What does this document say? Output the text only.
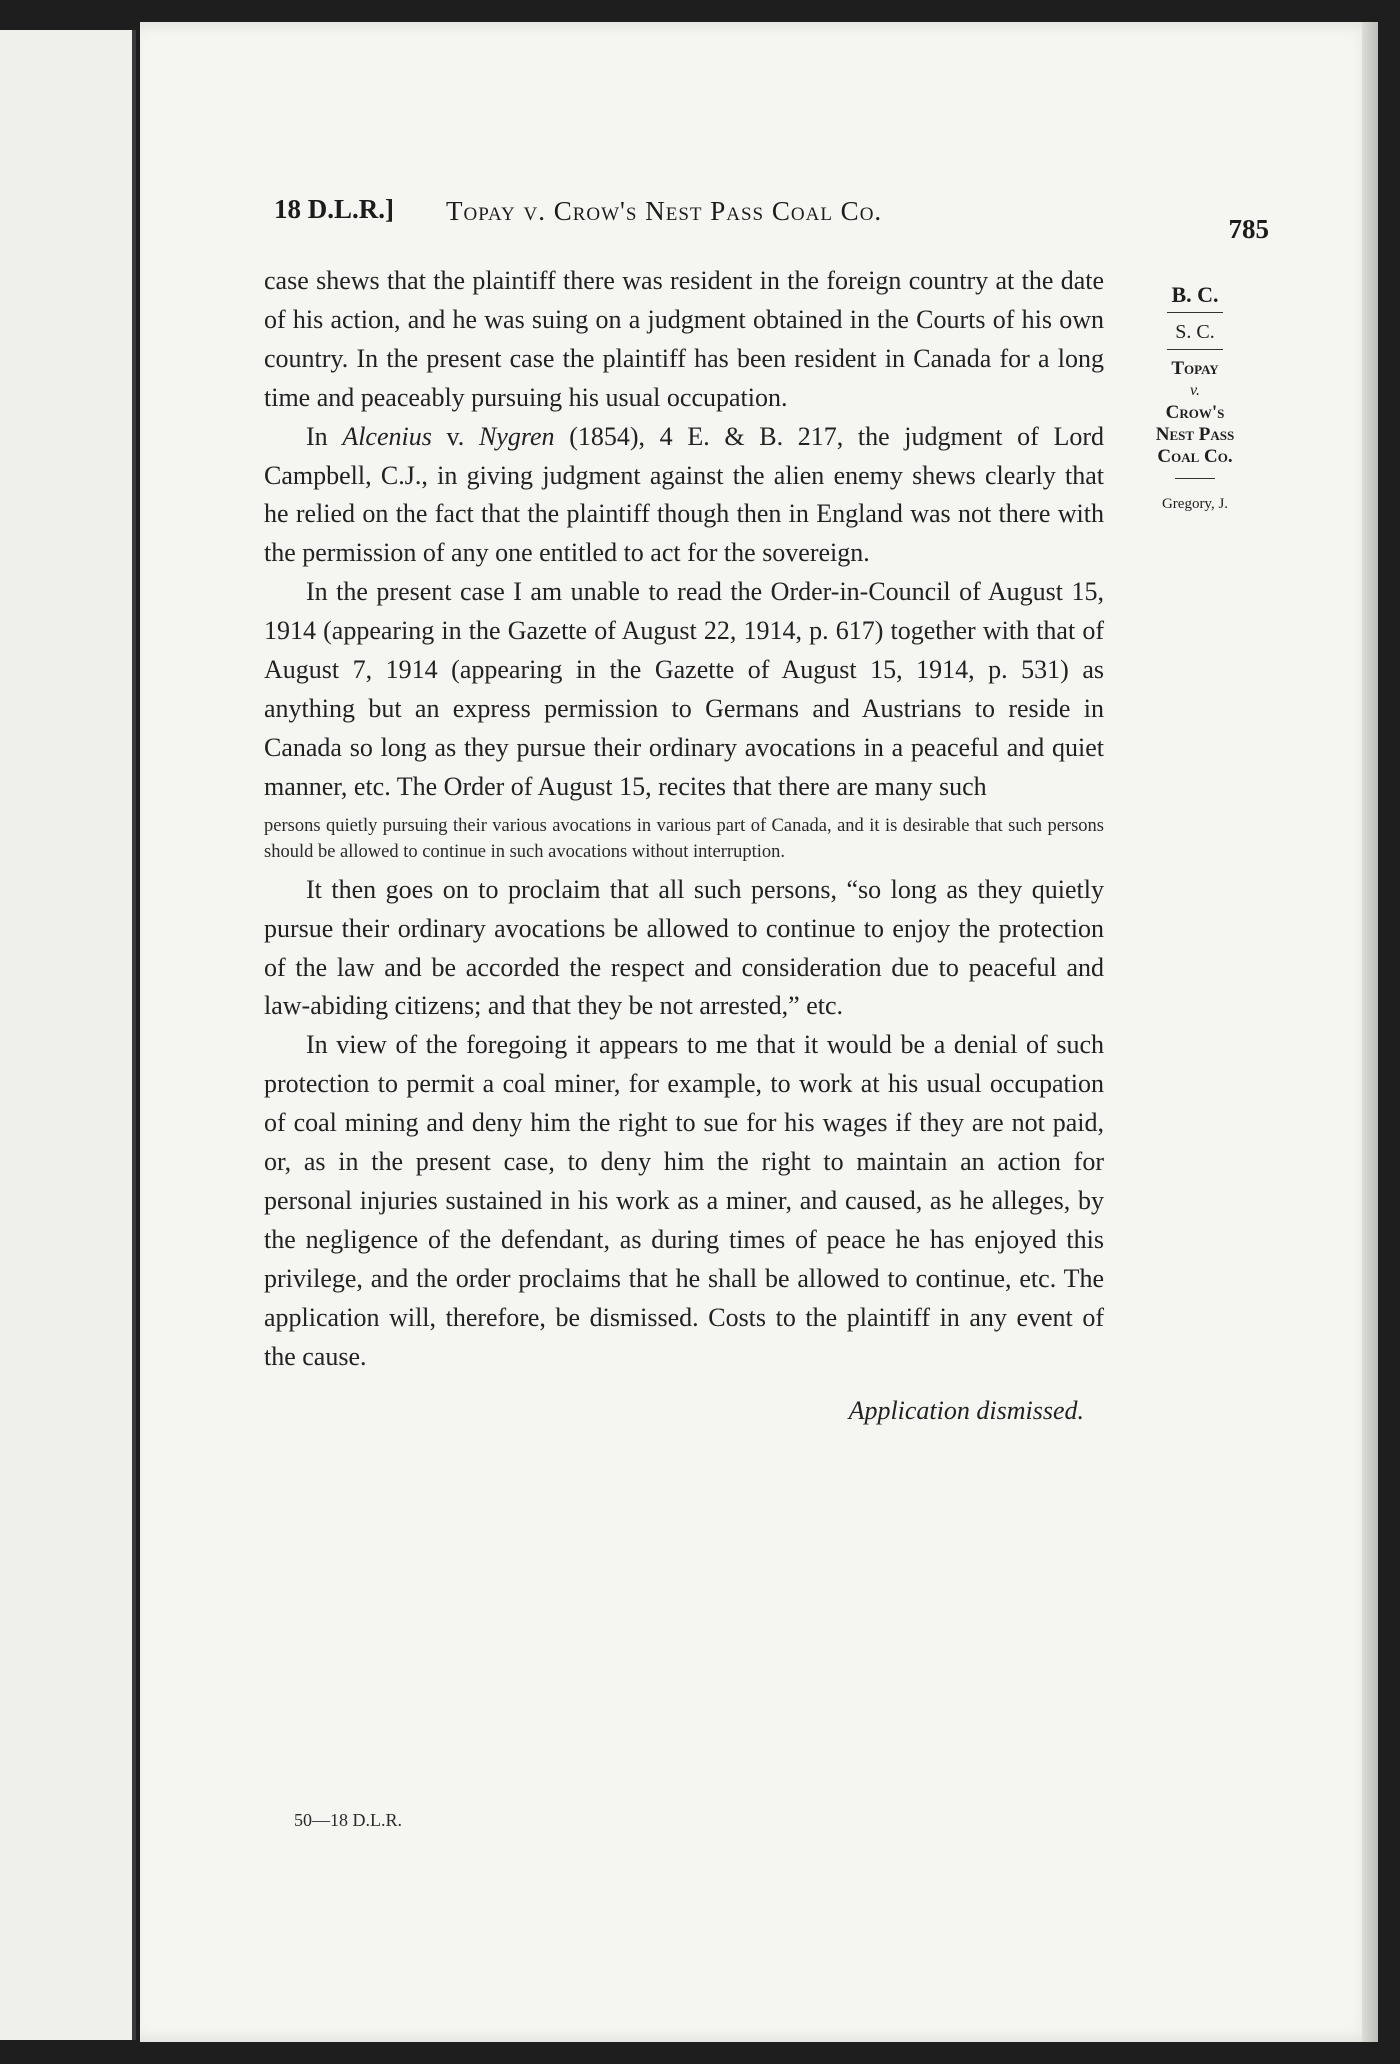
18 D.L.R.] Topay v. Crow's Nest Pass Coal Co.
785
B. C.
S. C.
Topay
v.
Crow's
Nest Pass
Coal Co.
Gregory, J.

case shews that the plaintiff there was resident in the foreign country at the date of his action, and he was suing on a judgment obtained in the Courts of his own country. In the present case the plaintiff has been resident in Canada for a long time and peaceably pursuing his usual occupation.

In Alcenius v. Nygren (1854), 4 E. & B. 217, the judgment of Lord Campbell, C.J., in giving judgment against the alien enemy shews clearly that he relied on the fact that the plaintiff though then in England was not there with the permission of any one entitled to act for the sovereign.

In the present case I am unable to read the Order-in-Council of August 15, 1914 (appearing in the Gazette of August 22, 1914, p. 617) together with that of August 7, 1914 (appearing in the Gazette of August 15, 1914, p. 531) as anything but an express permission to Germans and Austrians to reside in Canada so long as they pursue their ordinary avocations in a peaceful and quiet manner, etc. The Order of August 15, recites that there are many such

persons quietly pursuing their various avocations in various part of Canada, and it is desirable that such persons should be allowed to continue in such avocations without interruption.

It then goes on to proclaim that all such persons, “so long as they quietly pursue their ordinary avocations be allowed to continue to enjoy the protection of the law and be accorded the respect and consideration due to peaceful and law-abiding citizens; and that they be not arrested,” etc.

In view of the foregoing it appears to me that it would be a denial of such protection to permit a coal miner, for example, to work at his usual occupation of coal mining and deny him the right to sue for his wages if they are not paid, or, as in the present case, to deny him the right to maintain an action for personal injuries sustained in his work as a miner, and caused, as he alleges, by the negligence of the defendant, as during times of peace he has enjoyed this privilege, and the order proclaims that he shall be allowed to continue, etc. The application will, therefore, be dismissed. Costs to the plaintiff in any event of the cause.

Application dismissed.

50—18 D.L.R.
